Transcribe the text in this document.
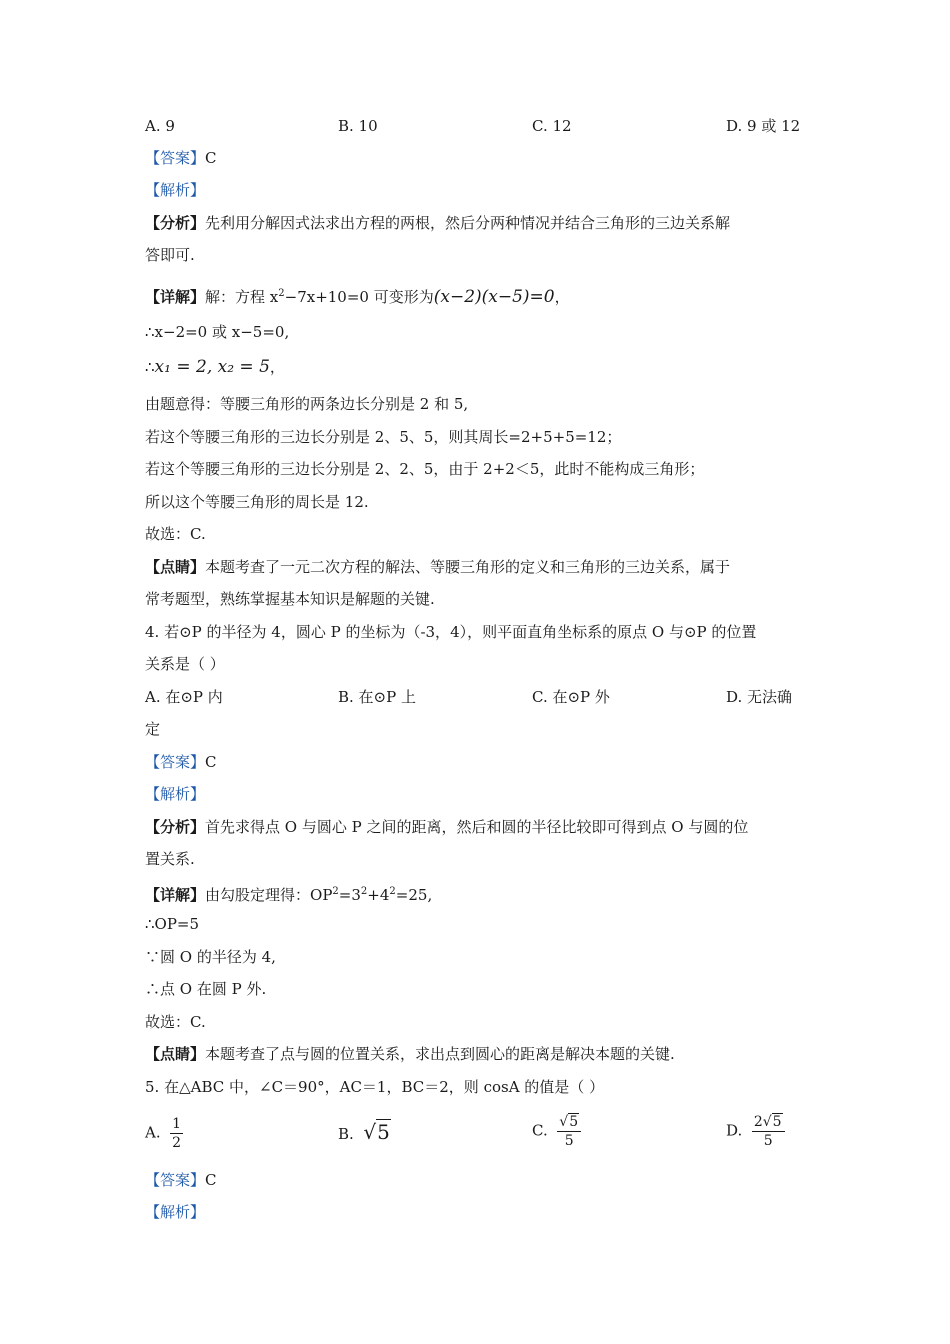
A. 9	B. 10	C. 12	D. 9 或 12
【答案】C
【解析】
【分析】先利用分解因式法求出方程的两根，然后分两种情况并结合三角形的三边关系解
答即可.
【详解】解：方程 $x^2-7x+10=0$ 可变形为(x−2)(x−5)=0，
∴x−2=0 或 x−5=0,
∴x₁ = 2, x₂ = 5，
由题意得：等腰三角形的两条边长分别是 2 和 5,
若这个等腰三角形的三边长分别是 2、5、5，则其周长=2+5+5=12；
若这个等腰三角形的三边长分别是 2、2、5，由于 2+2＜5，此时不能构成三角形；
所以这个等腰三角形的周长是 12.
故选：C.
【点睛】本题考查了一元二次方程的解法、等腰三角形的定义和三角形的三边关系，属于
常考题型，熟练掌握基本知识是解题的关键.
4. 若⊙P 的半径为 4，圆心 P 的坐标为（-3，4），则平面直角坐标系的原点 O 与⊙P 的位置
关系是（ ）
A. 在⊙P 内	B. 在⊙P 上	C. 在⊙P 外	D. 无法确
定
【答案】C
【解析】
【分析】首先求得点 O 与圆心 P 之间的距离，然后和圆的半径比较即可得到点 O 与圆的位
置关系.
【详解】由勾股定理得：$OP^2=3^2+4^2=25$,
∴OP=5
∵圆 O 的半径为 4,
∴点 O 在圆 P 外.
故选：C.
【点睛】本题考查了点与圆的位置关系，求出点到圆心的距离是解决本题的关键.
5. 在△ABC 中，∠C＝90°，AC＝1，BC＝2，则 cosA 的值是（ ）
A. $\frac{1}{2}$	B. √5	C. $\frac{√5}{5}$	D. $\frac{2√5}{5}$
【答案】C
【解析】
